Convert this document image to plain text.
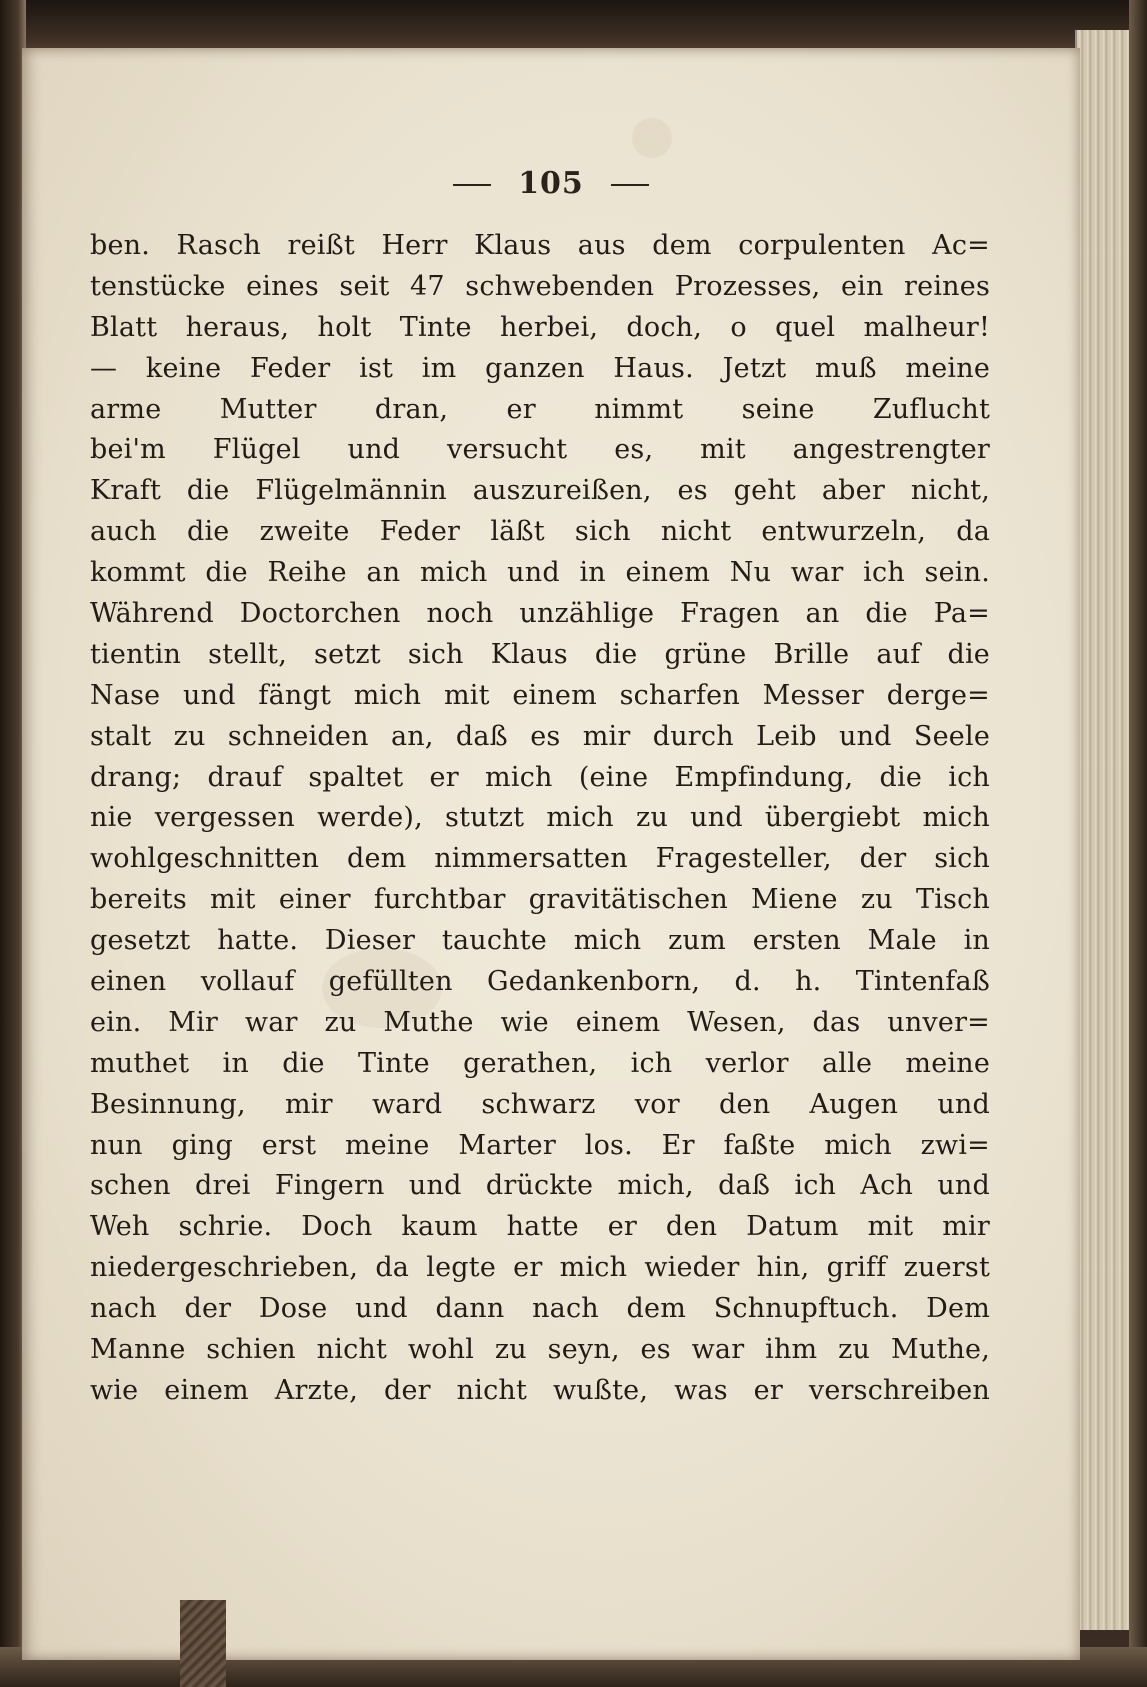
105
ben. Rasch reißt Herr Klaus aus dem corpulenten Ac=
tenstücke eines seit 47 schwebenden Prozesses, ein reines
Blatt heraus, holt Tinte herbei, doch, o quel malheur!
— keine Feder ist im ganzen Haus. Jetzt muß meine
arme Mutter dran, er nimmt seine Zuflucht
bei'm Flügel und versucht es, mit angestrengter
Kraft die Flügelmännin auszureißen, es geht aber nicht,
auch die zweite Feder läßt sich nicht entwurzeln, da
kommt die Reihe an mich und in einem Nu war ich sein.
Während Doctorchen noch unzählige Fragen an die Pa=
tientin stellt, setzt sich Klaus die grüne Brille auf die
Nase und fängt mich mit einem scharfen Messer derge=
stalt zu schneiden an, daß es mir durch Leib und Seele
drang; drauf spaltet er mich (eine Empfindung, die ich
nie vergessen werde), stutzt mich zu und übergiebt mich
wohlgeschnitten dem nimmersatten Fragesteller, der sich
bereits mit einer furchtbar gravitätischen Miene zu Tisch
gesetzt hatte. Dieser tauchte mich zum ersten Male in
einen vollauf gefüllten Gedankenborn, d. h. Tintenfaß
ein. Mir war zu Muthe wie einem Wesen, das unver=
muthet in die Tinte gerathen, ich verlor alle meine
Besinnung, mir ward schwarz vor den Augen und
nun ging erst meine Marter los. Er faßte mich zwi=
schen drei Fingern und drückte mich, daß ich Ach und
Weh schrie. Doch kaum hatte er den Datum mit mir
niedergeschrieben, da legte er mich wieder hin, griff zuerst
nach der Dose und dann nach dem Schnupftuch. Dem
Manne schien nicht wohl zu seyn, es war ihm zu Muthe,
wie einem Arzte, der nicht wußte, was er verschreiben
